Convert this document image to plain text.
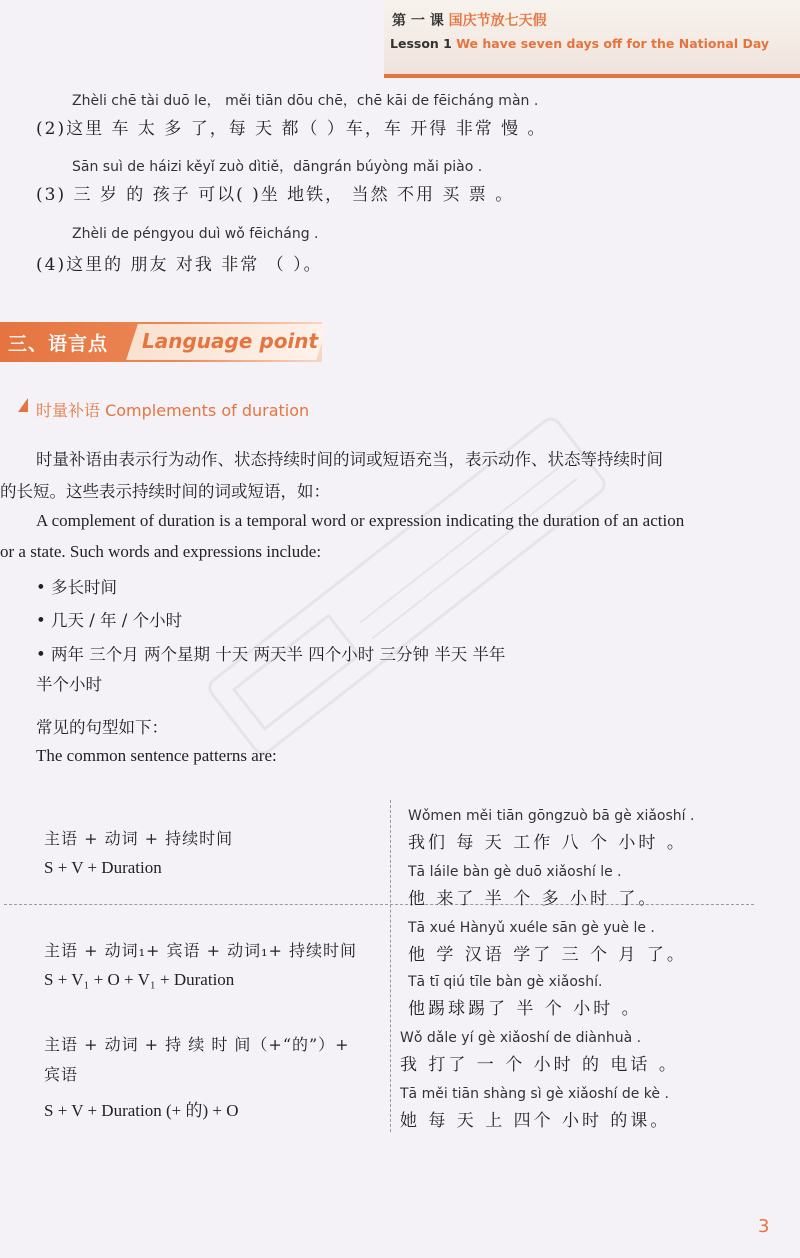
第 一 课 国庆节放七天假
Lesson 1 We have seven days off for the National Day
Zhèli chē tài duō le， měi tiān dōu chē，chē kāi de fēicháng màn .
(2)这里 车 太 多 了，每 天 都（ ）车，车 开得 非常 慢 。
Sān suì de háizi kěyǐ zuò dìtiě，dāngrán búyòng mǎi piào .
(3) 三 岁 的 孩子 可以( )坐 地铁， 当然 不用 买 票 。
Zhèli de péngyou duì wǒ fēicháng .
(4)这里的 朋友 对我 非常 （ ）。
三、语言点 Language point
时量补语 Complements of duration
时量补语由表示行为动作、状态持续时间的词或短语充当，表示动作、状态等持续时间
的长短。这些表示持续时间的词或短语，如：
A complement of duration is a temporal word or expression indicating the duration of an action
or a state. Such words and expressions include:
• 多长时间
• 几天 / 年 / 个小时
• 两年 三个月 两个星期 十天 两天半 四个小时 三分钟 半天 半年
半个小时
常见的句型如下：
The common sentence patterns are:
主语 + 动词 + 持续时间
S + V + Duration
Wǒmen měi tiān gōngzuò bā gè xiǎoshí .
我们 每 天 工作 八 个 小时 。
Tā láile bàn gè duō xiǎoshí le .
他 来了 半 个 多 小时 了。
主语 + 动词₁+ 宾语 + 动词₁+ 持续时间
S + V₁ + O + V₁ + Duration
Tā xué Hànyǔ xuéle sān gè yuè le .
他 学 汉语 学了 三 个 月 了。
Tā tī qiú tīle bàn gè xiǎoshí.
他踢球踢了 半 个 小时 。
主语 + 动词 + 持 续 时 间（+“的”）+
宾语
S + V + Duration (+ 的) + O
Wǒ dǎle yí gè xiǎoshí de diànhuà .
我 打了 一 个 小时 的 电话 。
Tā měi tiān shàng sì gè xiǎoshí de kè .
她 每 天 上 四个 小时 的课。
3
